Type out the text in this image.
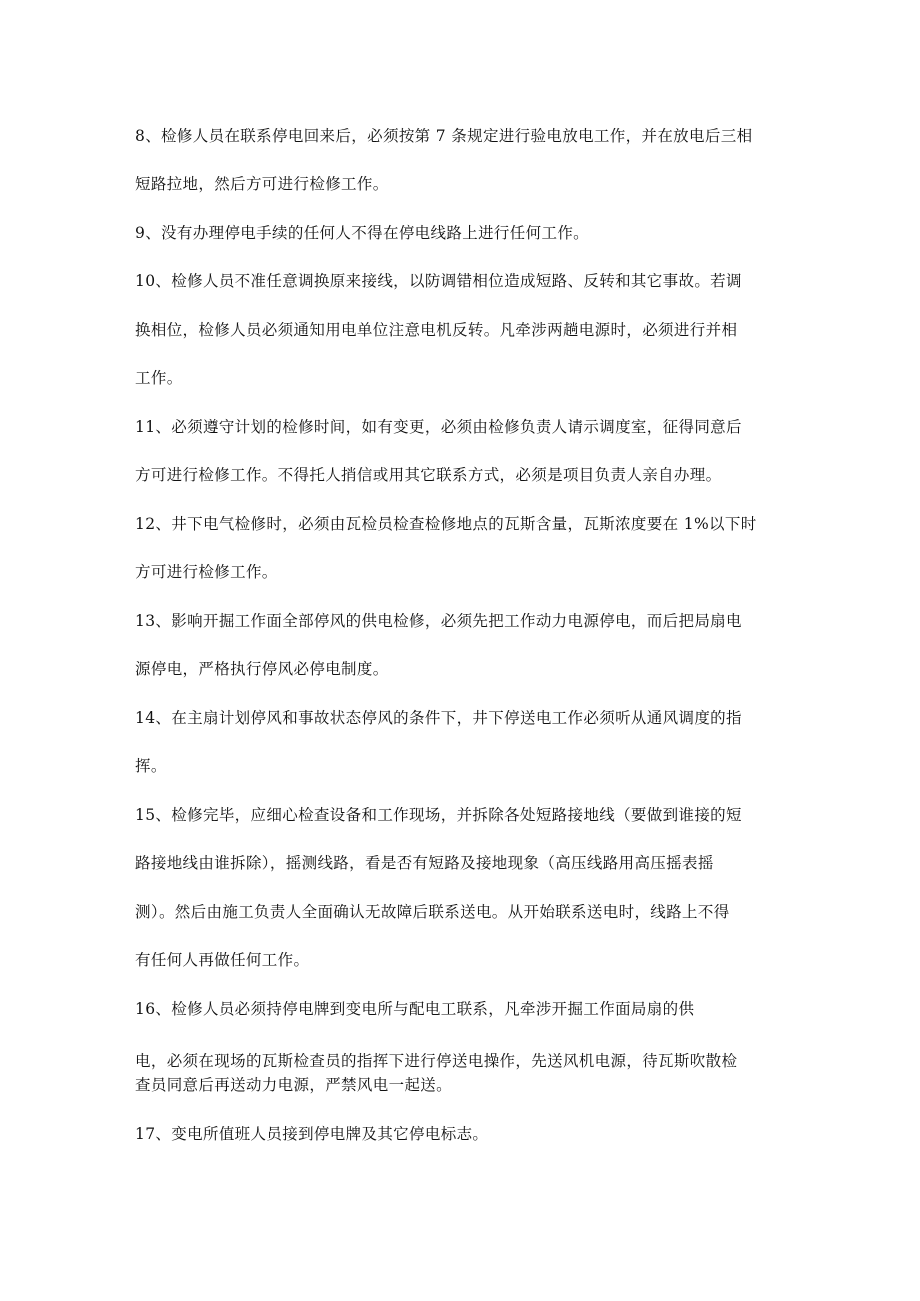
8、检修人员在联系停电回来后，必须按第 7 条规定进行验电放电工作，并在放电后三相
短路拉地，然后方可进行检修工作。
9、没有办理停电手续的任何人不得在停电线路上进行任何工作。
10、检修人员不准任意调换原来接线，以防调错相位造成短路、反转和其它事故。若调
换相位，检修人员必须通知用电单位注意电机反转。凡牵涉两趟电源时，必须进行并相
工作。
11、必须遵守计划的检修时间，如有变更，必须由检修负责人请示调度室，征得同意后
方可进行检修工作。不得托人捎信或用其它联系方式，必须是项目负责人亲自办理。
12、井下电气检修时，必须由瓦检员检查检修地点的瓦斯含量，瓦斯浓度要在 1%以下时
方可进行检修工作。
13、影响开掘工作面全部停风的供电检修，必须先把工作动力电源停电，而后把局扇电
源停电，严格执行停风必停电制度。
14、在主扇计划停风和事故状态停风的条件下，井下停送电工作必须听从通风调度的指
挥。
15、检修完毕，应细心检查设备和工作现场，并拆除各处短路接地线（要做到谁接的短
路接地线由谁拆除），摇测线路，看是否有短路及接地现象（高压线路用高压摇表摇
测）。然后由施工负责人全面确认无故障后联系送电。从开始联系送电时，线路上不得
有任何人再做任何工作。
16、检修人员必须持停电牌到变电所与配电工联系，凡牵涉开掘工作面局扇的供
电，必须在现场的瓦斯检查员的指挥下进行停送电操作，先送风机电源，待瓦斯吹散检
查员同意后再送动力电源，严禁风电一起送。
17、变电所值班人员接到停电牌及其它停电标志。
